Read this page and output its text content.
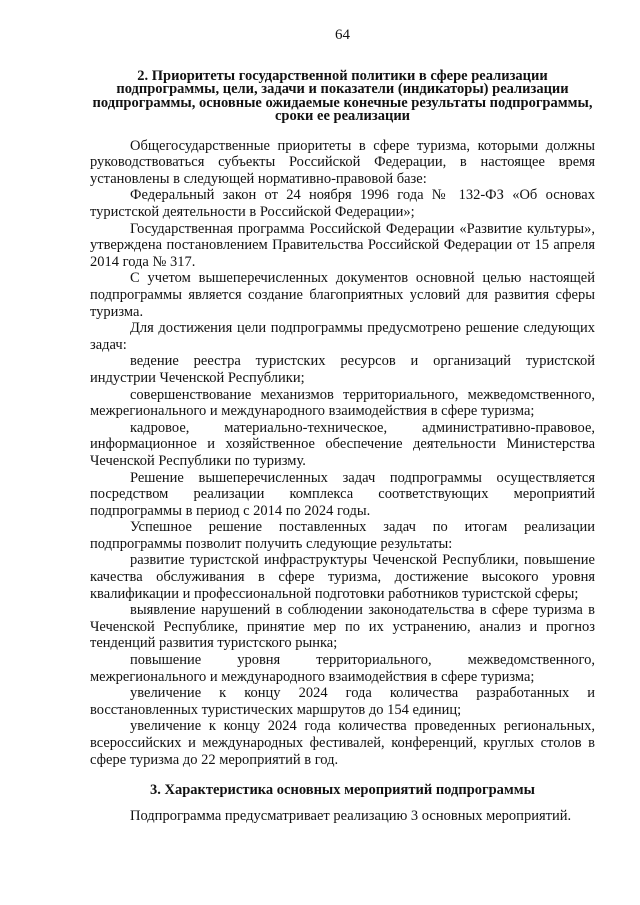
64
2. Приоритеты государственной политики в сфере реализации подпрограммы, цели, задачи и показатели (индикаторы) реализации подпрограммы, основные ожидаемые конечные результаты подпрограммы, сроки ее реализации

Общегосударственные приоритеты в сфере туризма, которыми должны руководствоваться субъекты Российской Федерации, в настоящее время установлены в следующей нормативно-правовой базе:

Федеральный закон от 24 ноября 1996 года № 132-ФЗ «Об основах туристской деятельности в Российской Федерации»;

Государственная программа Российской Федерации «Развитие культуры», утверждена постановлением Правительства Российской Федерации от 15 апреля 2014 года № 317.

С учетом вышеперечисленных документов основной целью настоящей подпрограммы является создание благоприятных условий для развития сферы туризма.

Для достижения цели подпрограммы предусмотрено решение следующих задач:

ведение реестра туристских ресурсов и организаций туристской индустрии Чеченской Республики;

совершенствование механизмов территориального, межведомственного, межрегионального и международного взаимодействия в сфере туризма;

кадровое, материально-техническое, административно-правовое, информационное и хозяйственное обеспечение деятельности Министерства Чеченской Республики по туризму.

Решение вышеперечисленных задач подпрограммы осуществляется посредством реализации комплекса соответствующих мероприятий подпрограммы в период с 2014 по 2024 годы.

Успешное решение поставленных задач по итогам реализации подпрограммы позволит получить следующие результаты:

развитие туристской инфраструктуры Чеченской Республики, повышение качества обслуживания в сфере туризма, достижение высокого уровня квалификации и профессиональной подготовки работников туристской сферы;

выявление нарушений в соблюдении законодательства в сфере туризма в Чеченской Республике, принятие мер по их устранению, анализ и прогноз тенденций развития туристского рынка;

повышение уровня территориального, межведомственного, межрегионального и международного взаимодействия в сфере туризма;

увеличение к концу 2024 года количества разработанных и восстановленных туристических маршрутов до 154 единиц;

увеличение к концу 2024 года количества проведенных региональных, всероссийских и международных фестивалей, конференций, круглых столов в сфере туризма до 22 мероприятий в год.

3. Характеристика основных мероприятий подпрограммы

Подпрограмма предусматривает реализацию 3 основных мероприятий.
